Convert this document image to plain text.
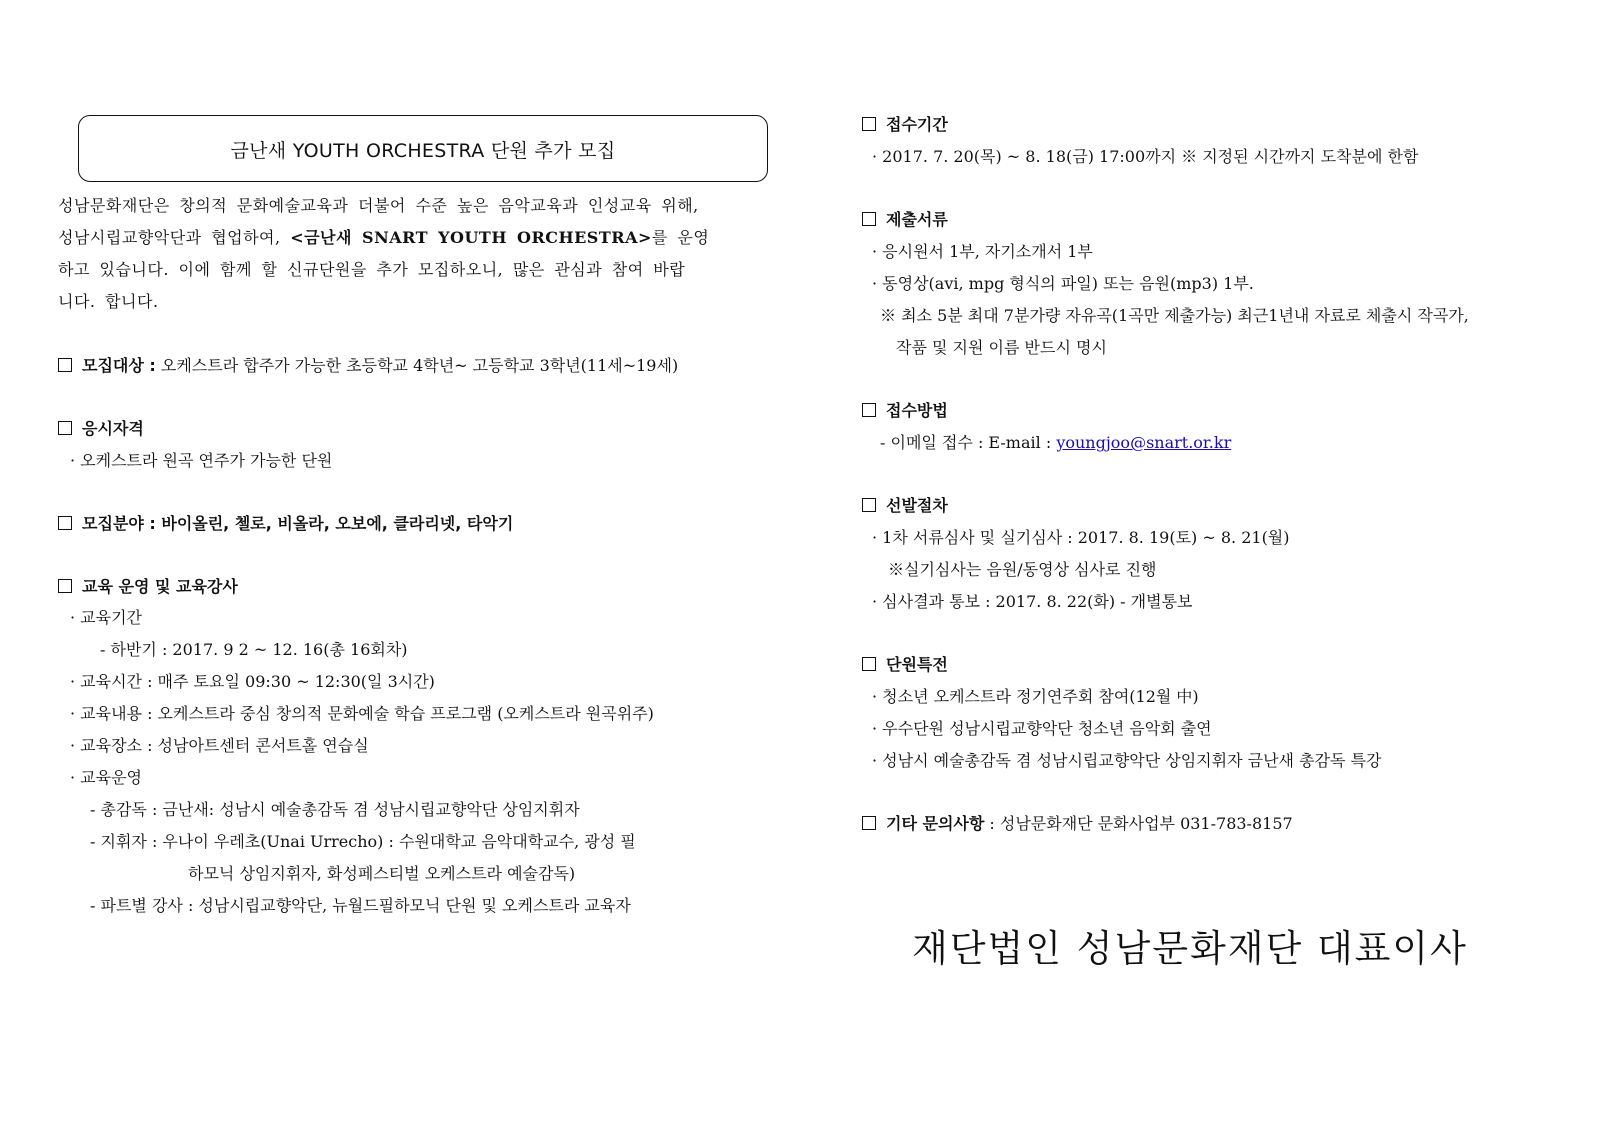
금난새 YOUTH ORCHESTRA 단원 추가 모집
성남문화재단은 창의적 문화예술교육과 더불어 수준 높은 음악교육과 인성교육 위해,
성남시립교향악단과 협업하여, <금난새 SNART YOUTH ORCHESTRA>를 운영
하고 있습니다. 이에 함께 할 신규단원을 추가 모집하오니, 많은 관심과 참여 바랍
니다. 합니다.
모집대상 : 오케스트라 합주가 가능한 초등학교 4학년~ 고등학교 3학년(11세~19세)
응시자격
· 오케스트라 원곡 연주가 가능한 단원
모집분야 : 바이올린, 첼로, 비올라, 오보에, 클라리넷, 타악기
교육 운영 및 교육강사
· 교육기간
- 하반기 : 2017. 9 2 ~ 12. 16(총 16회차)
· 교육시간 : 매주 토요일 09:30 ~ 12:30(일 3시간)
· 교육내용 : 오케스트라 중심 창의적 문화예술 학습 프로그램 (오케스트라 원곡위주)
· 교육장소 : 성남아트센터 콘서트홀 연습실
· 교육운영
- 총감독 : 금난새: 성남시 예술총감독 겸 성남시립교향악단 상임지휘자
- 지휘자 : 우나이 우레초(Unai Urrecho) : 수원대학교 음악대학교수, 광성 필
하모닉 상임지휘자, 화성페스티벌 오케스트라 예술감독)
- 파트별 강사 : 성남시립교향악단, 뉴월드필하모닉 단원 및 오케스트라 교육자
접수기간
· 2017. 7. 20(목) ~ 8. 18(금) 17:00까지 ※ 지정된 시간까지 도착분에 한함
제출서류
· 응시원서 1부, 자기소개서 1부
· 동영상(avi, mpg 형식의 파일) 또는 음원(mp3) 1부.
※ 최소 5분 최대 7분가량 자유곡(1곡만 제출가능) 최근1년내 자료로 체출시 작곡가,
작품 및 지원 이름 반드시 명시
접수방법
- 이메일 접수 : E-mail : youngjoo@snart.or.kr
선발절차
· 1차 서류심사 및 실기심사 : 2017. 8. 19(토) ~ 8. 21(월)
※실기심사는 음원/동영상 심사로 진행
· 심사결과 통보 : 2017. 8. 22(화) - 개별통보
단원특전
· 청소년 오케스트라 정기연주회 참여(12월 中)
· 우수단원 성남시립교향악단 청소년 음악회 출연
· 성남시 예술총감독 겸 성남시립교향악단 상임지휘자 금난새 총감독 특강
기타 문의사항 : 성남문화재단 문화사업부 031-783-8157
재단법인 성남문화재단 대표이사
